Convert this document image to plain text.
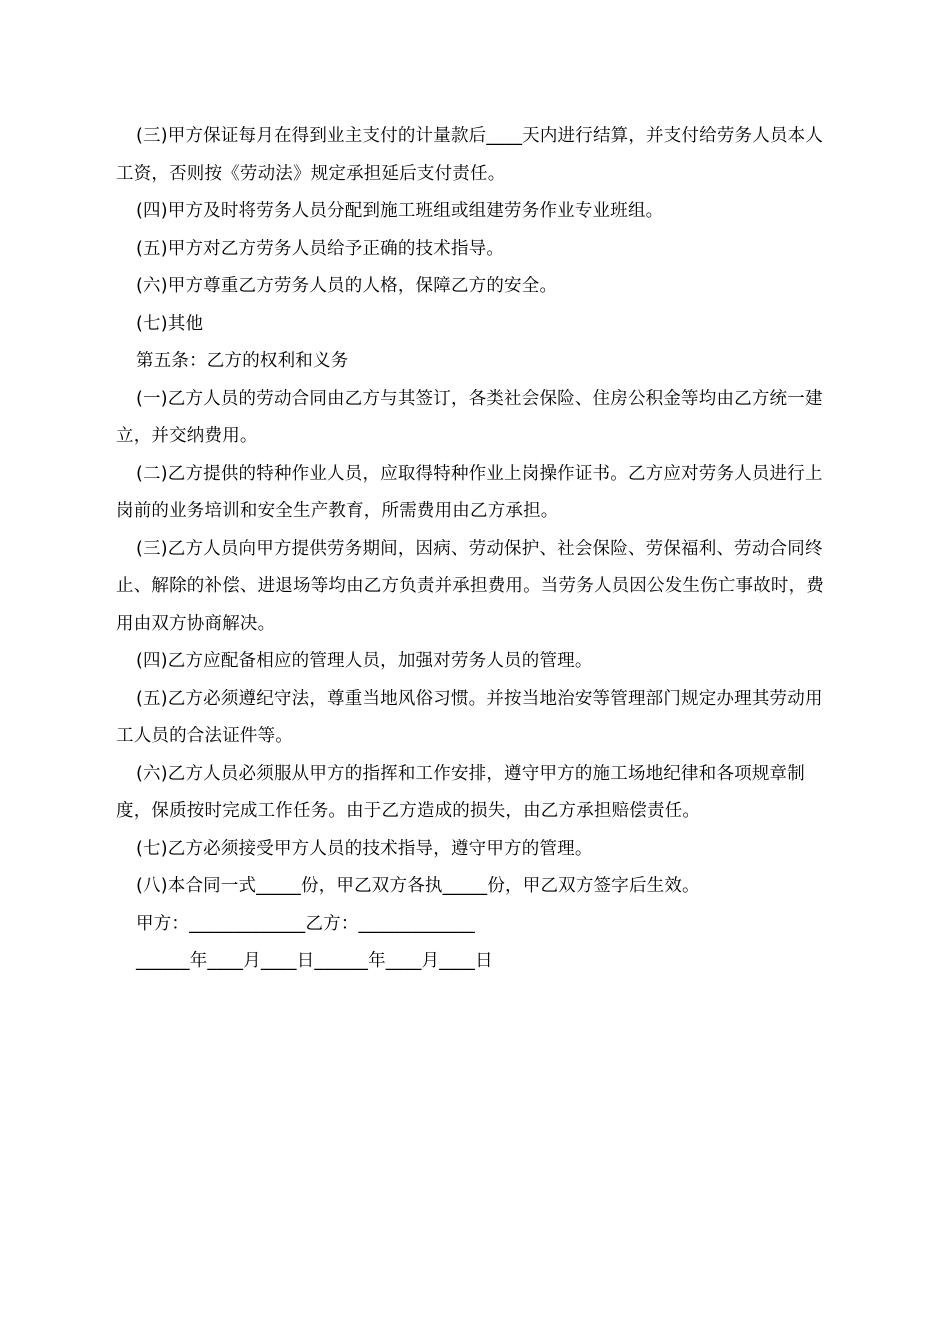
(三)甲方保证每月在得到业主支付的计量款后____天内进行结算，并支付给劳务人员本人工资，否则按《劳动法》规定承担延后支付责任。

(四)甲方及时将劳务人员分配到施工班组或组建劳务作业专业班组。

(五)甲方对乙方劳务人员给予正确的技术指导。

(六)甲方尊重乙方劳务人员的人格，保障乙方的安全。

(七)其他

第五条：乙方的权利和义务

(一)乙方人员的劳动合同由乙方与其签订，各类社会保险、住房公积金等均由乙方统一建立，并交纳费用。

(二)乙方提供的特种作业人员，应取得特种作业上岗操作证书。乙方应对劳务人员进行上岗前的业务培训和安全生产教育，所需费用由乙方承担。

(三)乙方人员向甲方提供劳务期间，因病、劳动保护、社会保险、劳保福利、劳动合同终止、解除的补偿、进退场等均由乙方负责并承担费用。当劳务人员因公发生伤亡事故时，费用由双方协商解决。

(四)乙方应配备相应的管理人员，加强对劳务人员的管理。

(五)乙方必须遵纪守法，尊重当地风俗习惯。并按当地治安等管理部门规定办理其劳动用工人员的合法证件等。

(六)乙方人员必须服从甲方的指挥和工作安排，遵守甲方的施工场地纪律和各项规章制度，保质按时完成工作任务。由于乙方造成的损失，由乙方承担赔偿责任。

(七)乙方必须接受甲方人员的技术指导，遵守甲方的管理。

(八)本合同一式_____份，甲乙双方各执_____份，甲乙双方签字后生效。

甲方：_____________乙方：_____________

______年____月____日______年____月____日
